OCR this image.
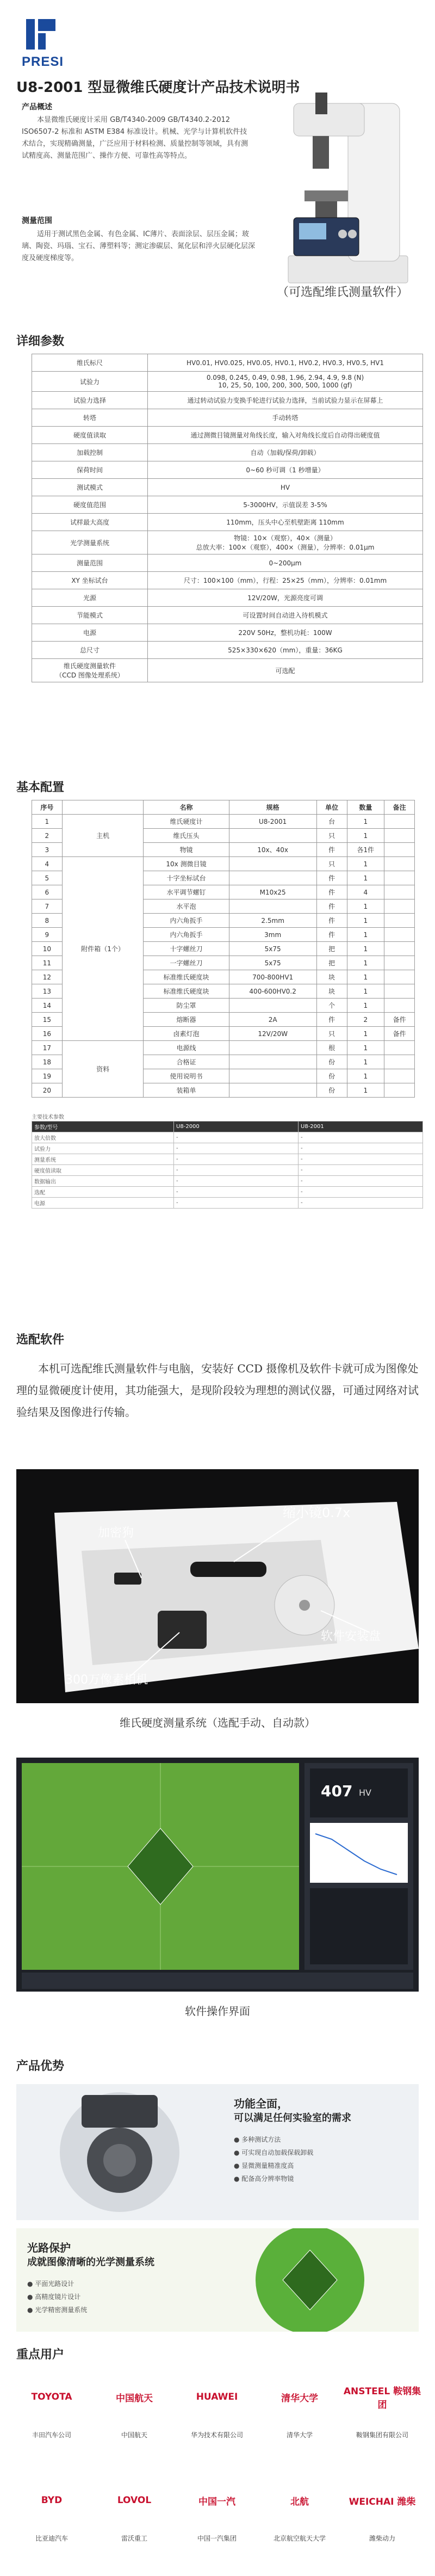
PRESI
U8-2001 型显微维氏硬度计产品技术说明书
产品概述
本显微维氏硬度计采用 GB/T4340-2009 GB/T4340.2-2012 ISO6507-2 标准和 ASTM E384 标准设计。机械、光学与计算机软件技术结合，实现精确测量，广泛应用于材料检测、质量控制等领域，具有测试精度高、测量范围广、操作方便、可靠性高等特点。
测量范围
适用于测试黑色金属、有色金属、IC薄片、表面涂层、层压金属；玻璃、陶瓷、玛瑙、宝石、薄塑料等；测定渗碳层、氮化层和淬火层硬化层深度及硬度梯度等。
（可选配维氏测量软件）
详细参数
维氏标尺	HV0.01, HV0.025, HV0.05, HV0.1, HV0.2, HV0.3, HV0.5, HV1
试验力	0.098, 0.245, 0.49, 0.98, 1.96, 2.94, 4.9, 9.8 (N)
10, 25, 50, 100, 200, 300, 500, 1000 (gf)
试验力选择	通过转动试验力变换手轮进行试验力选择，当前试验力显示在屏幕上
转塔	手动转塔
硬度值读取	通过测微目镜测量对角线长度，输入对角线长度后自动得出硬度值
加载控制	自动（加载/保荷/卸载）
保荷时间	0~60 秒可调（1 秒增量）
测试模式	HV
硬度值范围	5-3000HV，示值误差 3-5%
试样最大高度	110mm，压头中心至机壁距离 110mm
光学测量系统	物镜：10×（观察），40×（测量）
总放大率：100×（观察），400×（测量），分辨率：0.01μm
测量范围	0~200μm
XY 坐标试台	尺寸：100×100（mm），行程：25×25（mm），分辨率：0.01mm
光源	12V/20W，光源亮度可调
节能模式	可设置时间自动进入待机模式
电源	220V 50Hz，整机功耗：100W
总尺寸	525×330×620（mm），重量：36KG
维氏硬度测量软件
（CCD 图像处理系统）	可选配
基本配置
序号		名称	规格	单位	数量	备注
1	主机	维氏硬度计	U8-2001	台	1	
2		维氏压头		只	1	
3		物镜	10x、40x	件	各1件	
4	附件箱（1个）	10x 测微目镜		只	1	
5		十字坐标试台		件	1	
6		水平调节螺钉	M10x25	件	4	
7		水平泡		件	1	
8		内六角扳手	2.5mm	件	1	
9		内六角扳手	3mm	件	1	
10		十字螺丝刀	5x75	把	1	
11		一字螺丝刀	5x75	把	1	
12		标准维氏硬度块	700-800HV1	块	1	
13		标准维氏硬度块	400-600HV0.2	块	1	
14		防尘罩		个	1	
15		熔断器	2A	件	2	备件
16		卤素灯泡	12V/20W	只	1	备件
17	资料	电源线		根	1	
18		合格证		份	1	
19		使用说明书		份	1	
20		装箱单		份	1	
主要技术参数
参数/型号	U8-2000	U8-2001
放大倍数	-	-
试验力	-	-
测量系统	-	-
硬度值读取	-	-
数据输出	-	-
选配	-	-
电源	-	-
选配软件
本机可选配维氏测量软件与电脑，安装好 CCD 摄像机及软件卡就可成为图像处理的显微硬度计使用，其功能强大，是现阶段较为理想的测试仪器，可通过网络对试验结果及图像进行传输。
加密狗
缩小镜0.7x
300万像素相机
软件安装盘
维氏硬度测量系统（选配手动、自动款）
407 HV
软件操作界面
产品优势
功能全面，
可以满足任何实验室的需求
● 多种测试方法
● 可实现自动加载保载卸载
● 显微测量精准度高
● 配备高分辨率物镜
光路保护
成就图像清晰的光学测量系统
● 平面光路设计
● 高精度镜片设计
● 光学精密测量系统
重点用户
TOYOTA
丰田汽车公司
中国航天
中国航天
HUAWEI
华为技术有限公司
清华大学
清华大学
ANSTEEL 鞍钢集团
鞍钢集团有限公司
BYD
比亚迪汽车
LOVOL
雷沃重工
中国一汽
中国一汽集团
北航
北京航空航天大学
WEICHAI 潍柴
潍柴动力
